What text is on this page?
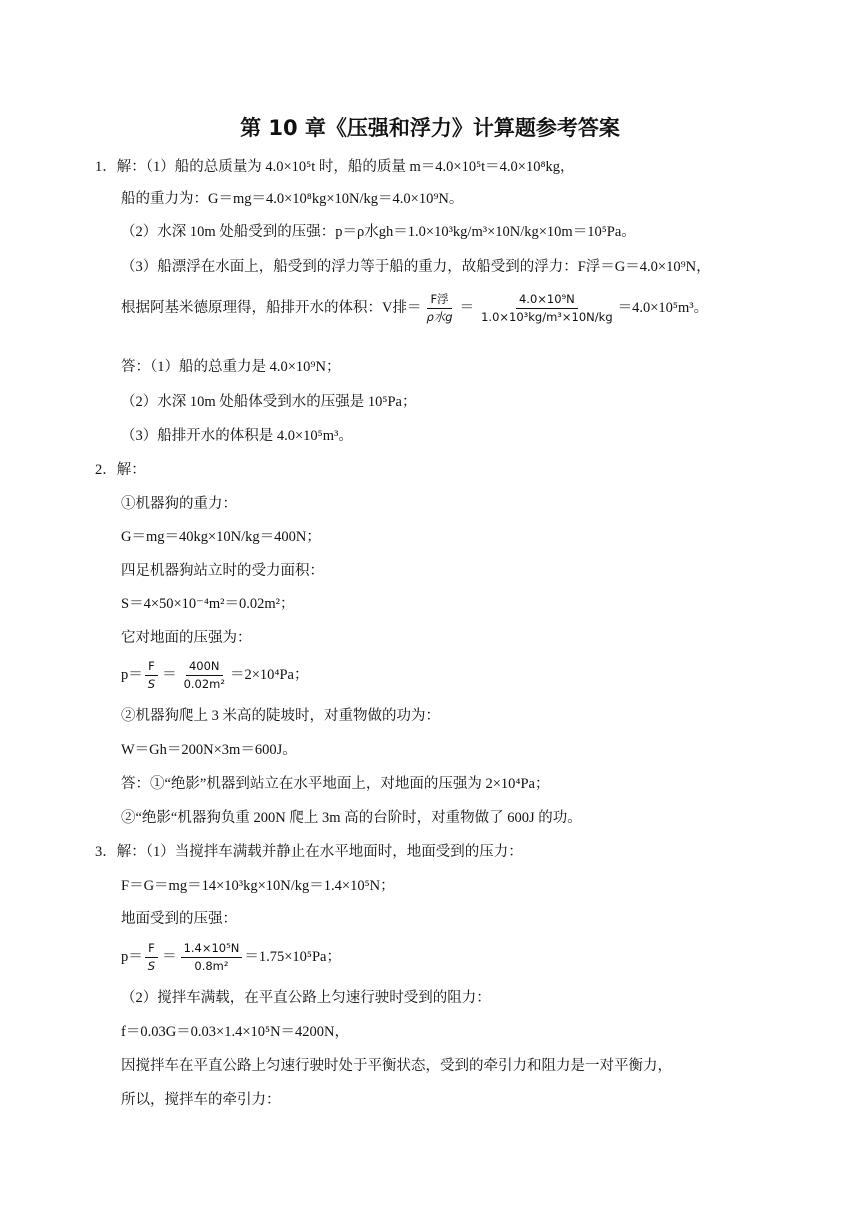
第 10 章《压强和浮力》计算题参考答案
1．解：（1）船的总质量为 4.0×10⁵t 时，船的质量 m＝4.0×10⁵t＝4.0×10⁸kg，
船的重力为：G＝mg＝4.0×10⁸kg×10N/kg＝4.0×10⁹N。
（2）水深 10m 处船受到的压强：p＝ρ水gh＝1.0×10³kg/m³×10N/kg×10m＝10⁵Pa。
（3）船漂浮在水面上，船受到的浮力等于船的重力，故船受到的浮力：F浮＝G＝4.0×10⁹N，
根据阿基米德原理得，船排开水的体积：V排＝ $\frac{\text{F浮}}{\text{ρ水g}} = \frac{\text{4.0×10⁹N}}{\text{1.0×10³kg/m³×10N/kg}} =4.0\times 10^5m^3$。
答：（1）船的总重力是 4.0×10⁹N；
（2）水深 10m 处船体受到水的压强是 10⁵Pa；
（3）船排开水的体积是 4.0×10⁵m³。
2．解：
①机器狗的重力：
G＝mg＝40kg×10N/kg＝400N；
四足机器狗站立时的受力面积：
S＝4×50×10⁻⁴m²＝0.02m²；
它对地面的压强为：
$p= \frac{F}{S} = \frac{400N}{\text{0.02m²}} =2\times 10^4Pa$；
②机器狗爬上 3 米高的陡坡时，对重物做的功为：
W＝Gh＝200N×3m＝600J。
答：①“绝影”机器到站立在水平地面上，对地面的压强为 2×10⁴Pa；
②“绝影“机器狗负重 200N 爬上 3m 高的台阶时，对重物做了 600J 的功。
3．解：（1）当搅拌车满载并静止在水平地面时，地面受到的压力：
F＝G＝mg＝14×10³kg×10N/kg＝1.4×10⁵N；
地面受到的压强：
$p= \frac{F}{S} = \frac{\text{1.4×10⁵N}}{\text{0.8m²}} =1.75\times 10^5Pa$；
（2）搅拌车满载，在平直公路上匀速行驶时受到的阻力：
f＝0.03G＝0.03×1.4×10⁵N＝4200N，
因搅拌车在平直公路上匀速行驶时处于平衡状态，受到的牵引力和阻力是一对平衡力，
所以，搅拌车的牵引力：
